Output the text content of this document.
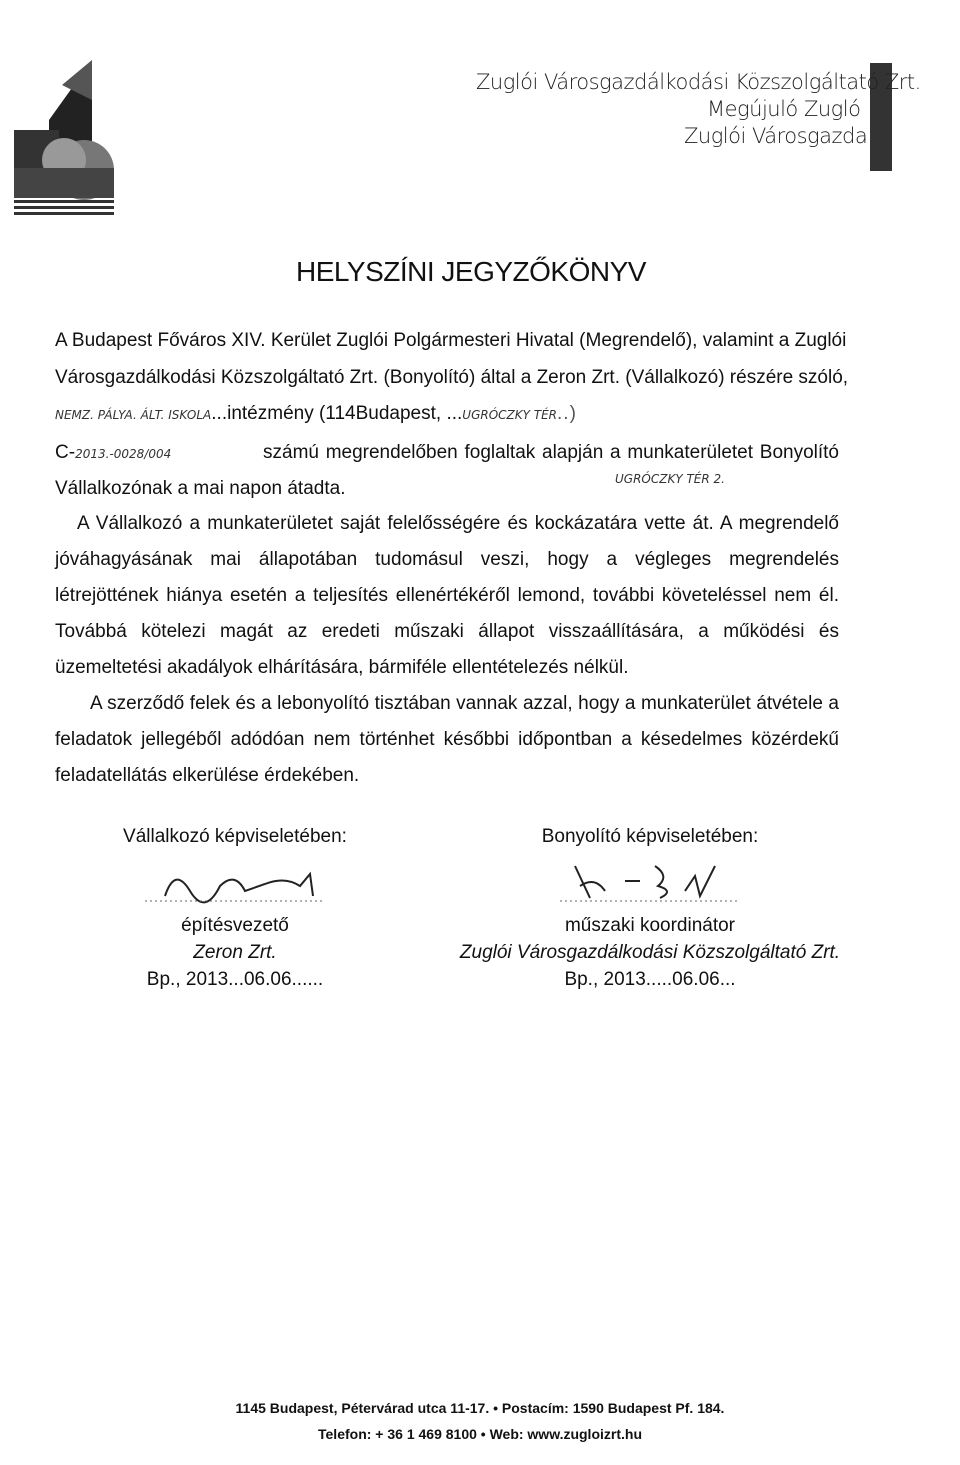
Zuglói Városgazdálkodási Közszolgáltató Zrt.
Megújuló Zugló
Zuglói Városgazda
HELYSZÍNI JEGYZŐKÖNYV
A Budapest Főváros XIV. Kerület Zuglói Polgármesteri Hivatal (Megrendelő), valamint a Zuglói
Városgazdálkodási Közszolgáltató Zrt. (Bonyolító) által a Zeron Zrt. (Vállalkozó) részére szóló,
NEMZ. PÁLYA. ÁLT. ISKOLA...intézmény (114Budapest, ...UGRÓCZKY TÉR..)
C-2013.-0028/004	számú megrendelőben foglaltak alapján a munkaterületet Bonyolító
UGRÓCZKY TÉR 2.
Vállalkozónak a mai napon átadta.
A Vállalkozó a munkaterületet saját felelősségére és kockázatára vette át. A megrendelő jóváhagyásának mai állapotában tudomásul veszi, hogy a végleges megrendelés létrejöttének hiánya esetén a teljesítés ellenértékéről lemond, további követeléssel nem él. Továbbá kötelezi magát az eredeti műszaki állapot visszaállítására, a működési és üzemeltetési akadályok elhárítására, bármiféle ellentételezés nélkül.
A szerződő felek és a lebonyolító tisztában vannak azzal, hogy a munkaterület átvétele a feladatok jellegéből adódóan nem történhet későbbi időpontban a késedelmes közérdekű feladatellátás elkerülése érdekében.
Vállalkozó képviseletében:
építésvezető
Zeron Zrt.
Bp., 2013...06.06......
Bonyolító képviseletében:
műszaki koordinátor
Zuglói Városgazdálkodási Közszolgáltató Zrt.
Bp., 2013.....06.06...
1145 Budapest, Pétervárad utca 11-17. • Postacím: 1590 Budapest Pf. 184.
Telefon: + 36 1 469 8100 • Web: www.zugloizrt.hu
